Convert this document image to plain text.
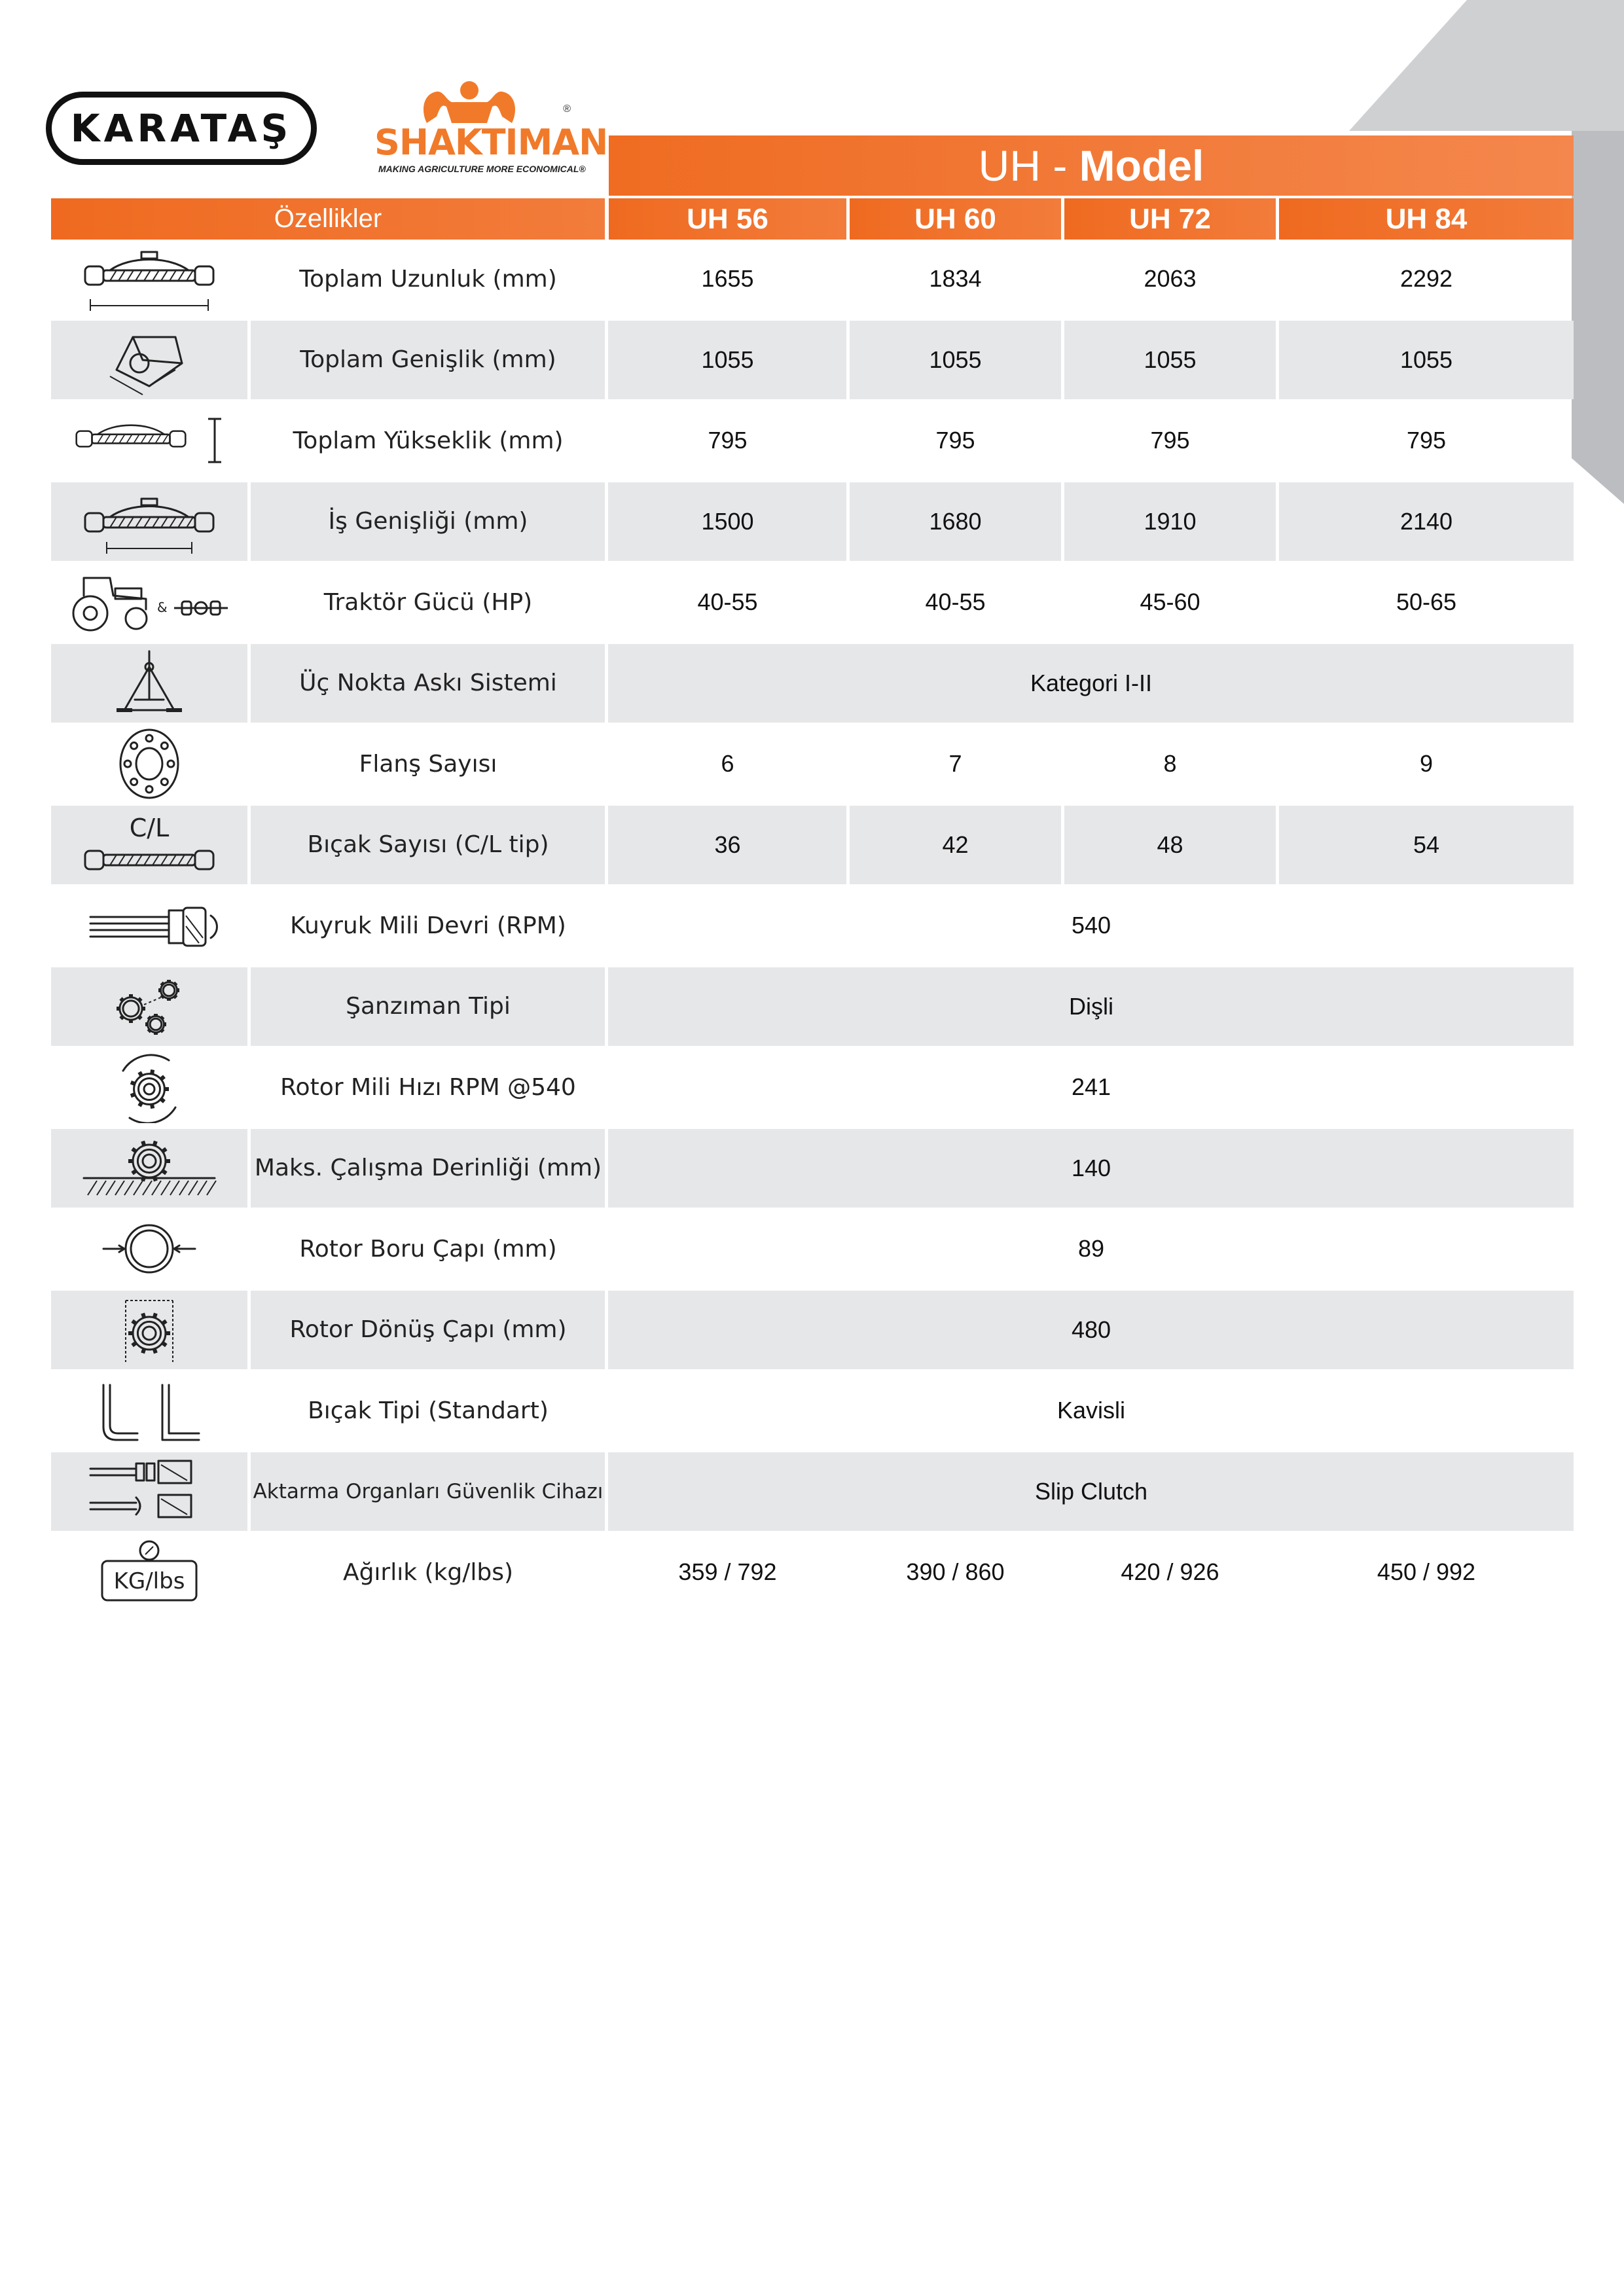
KARATAŞ SHAKTIMAN
®
MAKING AGRICULTURE MORE ECONOMICAL®	UH - Model
Özellikler	UH 56	UH 60	UH 72	UH 84
Toplam Uzunluk (mm)	1655	1834	2063	2292
Toplam Genişlik (mm)	1055	1055	1055	1055
Toplam Yükseklik (mm)	795	795	795	795
İş Genişliği (mm)	1500	1680	1910	2140
&	Traktör Gücü (HP)	40-55	40-55	45-60	50-65
Üç Nokta Askı Sistemi	Kategori I-II
Flanş Sayısı	6	7	8	9
C/L
Bıçak Sayısı (C/L tip)	36	42	48	54
Kuyruk Mili Devri (RPM)	540
Şanzıman Tipi	Dişli
Rotor Mili Hızı RPM @540	241
Maks. Çalışma Derinliği (mm)	140
Rotor Boru Çapı (mm)	89
Rotor Dönüş Çapı (mm)	480
Bıçak Tipi (Standart)	Kavisli
Aktarma Organları Güvenlik Cihazı	Slip Clutch
KG/lbs	Ağırlık (kg/lbs)	359 / 792	390 / 860	420 / 926	450 / 992
